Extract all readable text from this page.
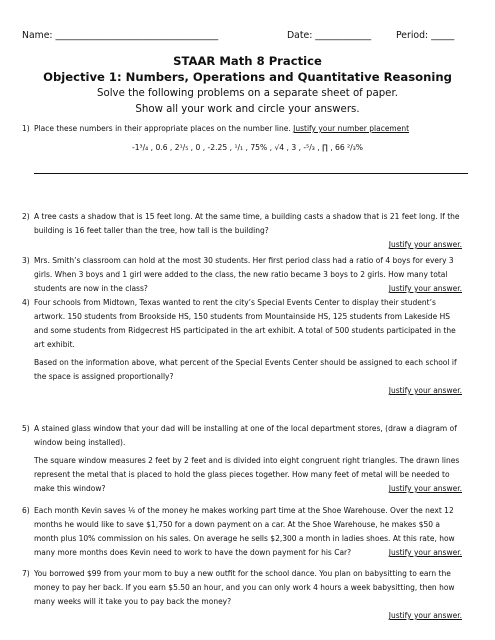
Name: ___________________________________	Date: ____________	Period: _____
STAAR Math 8 Practice
Objective 1: Numbers, Operations and Quantitative Reasoning
Solve the following problems on a separate sheet of paper.
Show all your work and circle your answers.
1) Place these numbers in their appropriate places on the number line. Justify your number placement
-1³/₄ , 0.6 , 2¹/₅ , 0 , -2.25 , ¹/₁ , 75% , √4 , 3 , -⁵/₃ , ∏ , 66 ²/₃%
2) A tree casts a shadow that is 15 feet long. At the same time, a building casts a shadow that is 21 feet long. If the building is 16 feet taller than the tree, how tall is the building?
Justify your answer.
3) Mrs. Smith’s classroom can hold at the most 30 students. Her first period class had a ratio of 4 boys for every 3 girls. When 3 boys and 1 girl were added to the class, the new ratio became 3 boys to 2 girls. How many total students are now in the class?	Justify your answer.
4) Four schools from Midtown, Texas wanted to rent the city’s Special Events Center to display their student’s artwork. 150 students from Brookside HS, 150 students from Mountainside HS, 125 students from Lakeside HS and some students from Ridgecrest HS participated in the art exhibit. A total of 500 students participated in the art exhibit.
Based on the information above, what percent of the Special Events Center should be assigned to each school if the space is assigned proportionally?
Justify your answer.
5) A stained glass window that your dad will be installing at one of the local department stores, (draw a diagram of window being installed).
The square window measures 2 feet by 2 feet and is divided into eight congruent right triangles. The drawn lines represent the metal that is placed to hold the glass pieces together. How many feet of metal will be needed to make this window?	Justify your answer.
6) Each month Kevin saves ⅙ of the money he makes working part time at the Shoe Warehouse. Over the next 12 months he would like to save $1,750 for a down payment on a car. At the Shoe Warehouse, he makes $50 a month plus 10% commission on his sales. On average he sells $2,300 a month in ladies shoes. At this rate, how many more months does Kevin need to work to have the down payment for his Car?	Justify your answer.
7) You borrowed $99 from your mom to buy a new outfit for the school dance. You plan on babysitting to earn the money to pay her back. If you earn $5.50 an hour, and you can only work 4 hours a week babysitting, then how many weeks will it take you to pay back the money?
Justify your answer.
